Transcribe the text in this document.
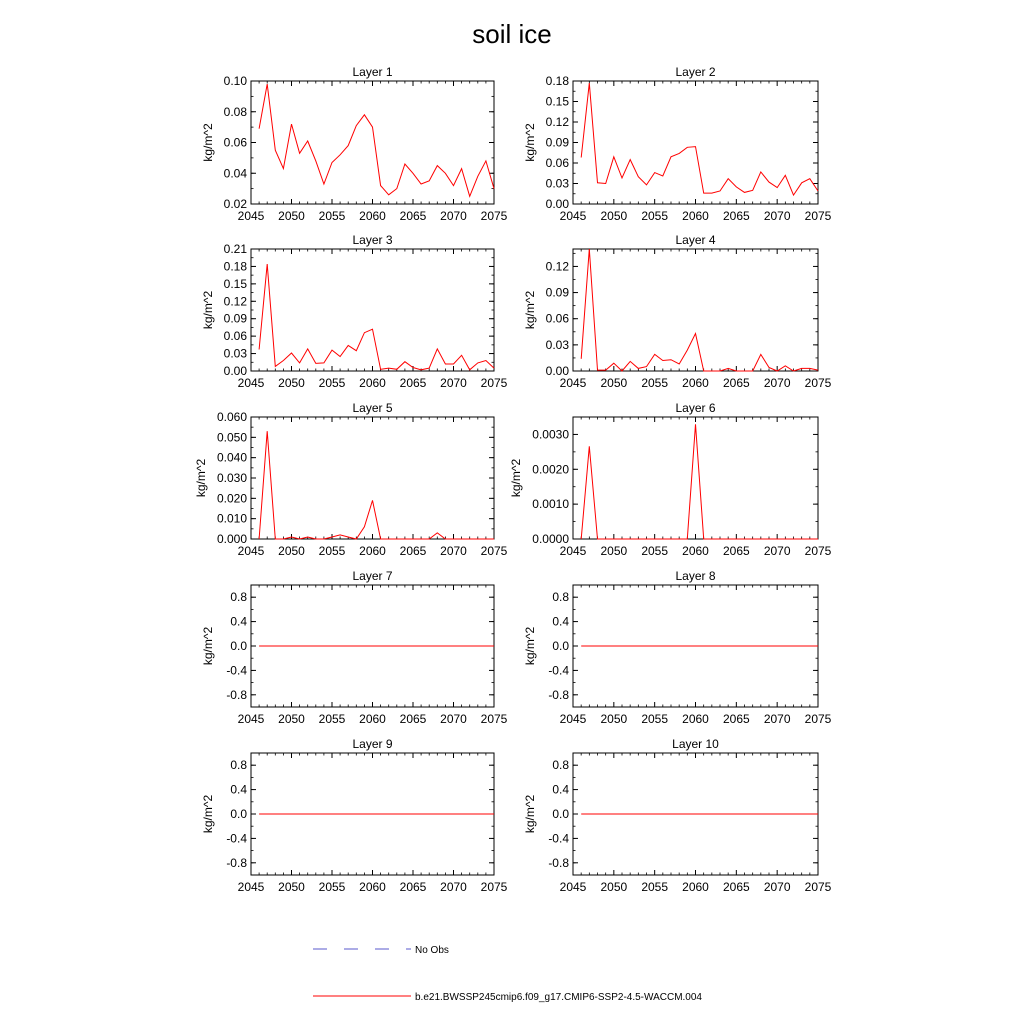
soil ice
Layer 1
2045 2050 2055 2060 2065 2070 2075
0.02
0.04
0.06
0.08
0.10
kg/m^2
Layer 2
2045 2050 2055 2060 2065 2070 2075
0.00
0.03
0.06
0.09
0.12
0.15
0.18
kg/m^2
Layer 3
2045 2050 2055 2060 2065 2070 2075
0.00
0.03
0.06
0.09
0.12
0.15
0.18
0.21
kg/m^2
Layer 4
2045 2050 2055 2060 2065 2070 2075
0.00
0.03
0.06
0.09
0.12
kg/m^2
Layer 5
2045 2050 2055 2060 2065 2070 2075
0.000
0.010
0.020
0.030
0.040
0.050
0.060
kg/m^2
Layer 6
2045 2050 2055 2060 2065 2070 2075
0.0000
0.0010
0.0020
0.0030
kg/m^2
Layer 7
2045 2050 2055 2060 2065 2070 2075
-0.8
-0.4
0.0
0.4
0.8
kg/m^2
Layer 8
2045 2050 2055 2060 2065 2070 2075
-0.8
-0.4
0.0
0.4
0.8
kg/m^2
Layer 9
2045 2050 2055 2060 2065 2070 2075
-0.8
-0.4
0.0
0.4
0.8
kg/m^2
Layer 10
2045 2050 2055 2060 2065 2070 2075
-0.8
-0.4
0.0
0.4
0.8
kg/m^2
No Obs
b.e21.BWSSP245cmip6.f09_g17.CMIP6-SSP2-4.5-WACCM.004
